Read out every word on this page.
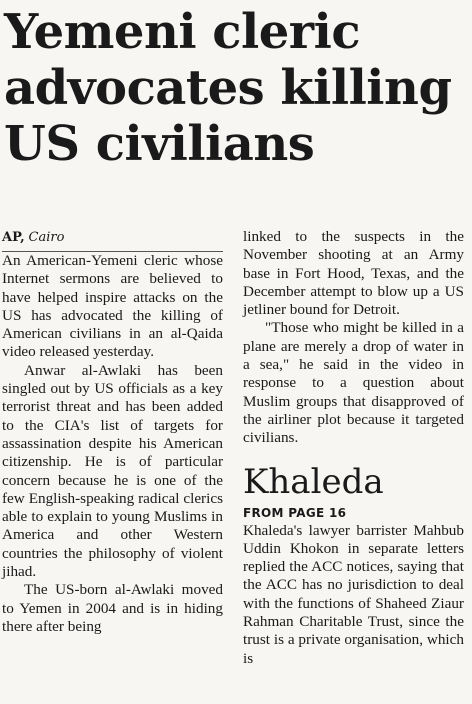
Yemeni cleric
advocates killing
US civilians

AP, Cairo

An American-Yemeni cleric whose Internet sermons are believed to have helped inspire attacks on the US has advocated the killing of American civilians in an al-Qaida video released yesterday.

Anwar al-Awlaki has been singled out by US officials as a key terrorist threat and has been added to the CIA's list of targets for assassination despite his American citizenship. He is of particular concern because he is one of the few English-speaking radical clerics able to explain to young Muslims in America and other Western countries the philosophy of violent jihad.

The US-born al-Awlaki moved to Yemen in 2004 and is in hiding there after being

linked to the suspects in the November shooting at an Army base in Fort Hood, Texas, and the December attempt to blow up a US jetliner bound for Detroit.

"Those who might be killed in a plane are merely a drop of water in a sea," he said in the video in response to a question about Muslim groups that disapproved of the airliner plot because it targeted civilians.

Khaleda

FROM PAGE 16

Khaleda's lawyer barrister Mahbub Uddin Khokon in separate letters replied the ACC notices, saying that the ACC has no jurisdiction to deal with the functions of Shaheed Ziaur Rahman Charitable Trust, since the trust is a private organisation, which is
